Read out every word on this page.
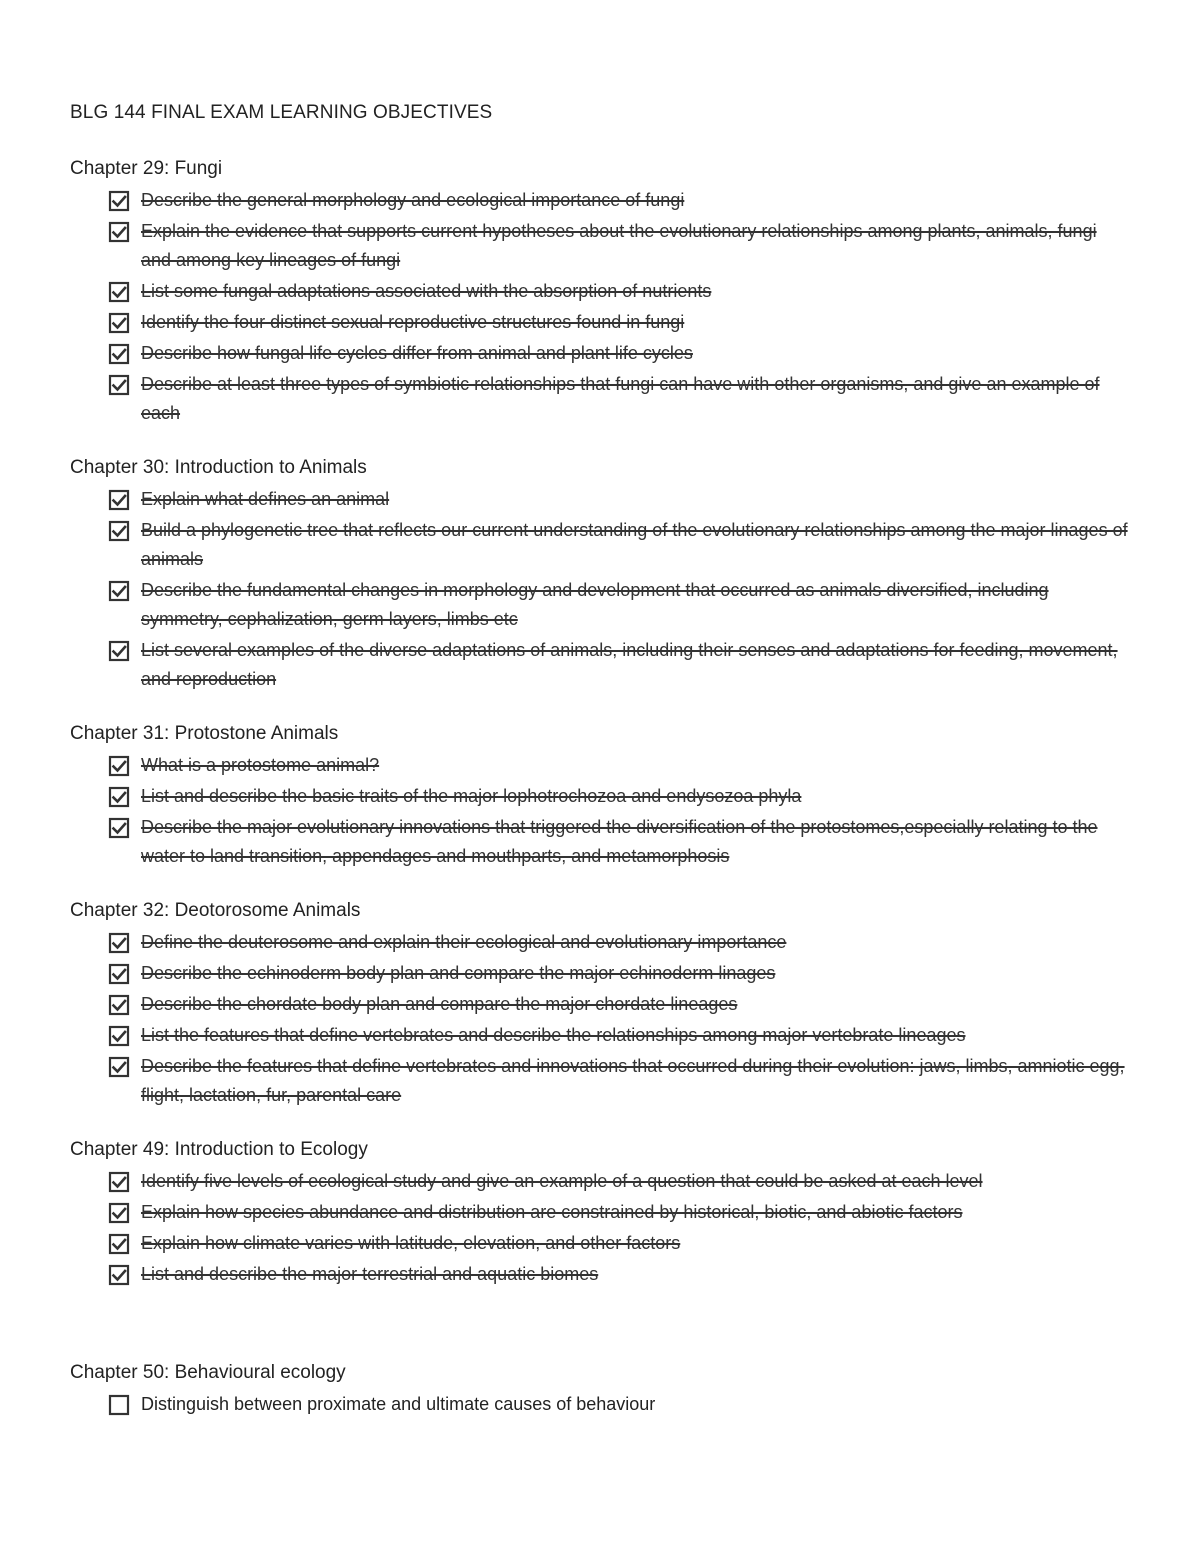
BLG 144 FINAL EXAM LEARNING OBJECTIVES
Chapter 29: Fungi
Describe the general morphology and ecological importance of fungi
Explain the evidence that supports current hypotheses about the evolutionary relationships among plants, animals, fungi and among key lineages of fungi
List some fungal adaptations associated with the absorption of nutrients
Identify the four distinct sexual reproductive structures found in fungi
Describe how fungal life cycles differ from animal and plant life cycles
Describe at least three types of symbiotic relationships that fungi can have with other organisms, and give an example of each
Chapter 30: Introduction to Animals
Explain what defines an animal
Build a phylogenetic tree that reflects our current understanding of the evolutionary relationships among the major linages of animals
Describe the fundamental changes in morphology and development that occurred as animals diversified, including symmetry, cephalization, germ layers, limbs etc
List several examples of the diverse adaptations of animals, including their senses and adaptations for feeding, movement, and reproduction
Chapter 31: Protostone Animals
What is a protostome animal?
List and describe the basic traits of the major lophotrochozoa and endysozoa phyla
Describe the major evolutionary innovations that triggered the diversification of the protostomes,especially relating to the water to land transition, appendages and mouthparts, and metamorphosis
Chapter 32: Deotorosome Animals
Define the deuterosome and explain their ecological and evolutionary importance
Describe the echinoderm body plan and compare the major echinoderm linages
Describe the chordate body plan and compare the major chordate lineages
List the features that define vertebrates and describe the relationships among major vertebrate lineages
Describe the features that define vertebrates and innovations that occurred during their evolution: jaws, limbs, amniotic egg, flight, lactation, fur, parental care
Chapter 49: Introduction to Ecology
Identify five levels of ecological study and give an example of a question that could be asked at each level
Explain how species abundance and distribution are constrained by historical, biotic, and abiotic factors
Explain how climate varies with latitude, elevation, and other factors
List and describe the major terrestrial and aquatic biomes
Chapter 50: Behavioural ecology
Distinguish between proximate and ultimate causes of behaviour
